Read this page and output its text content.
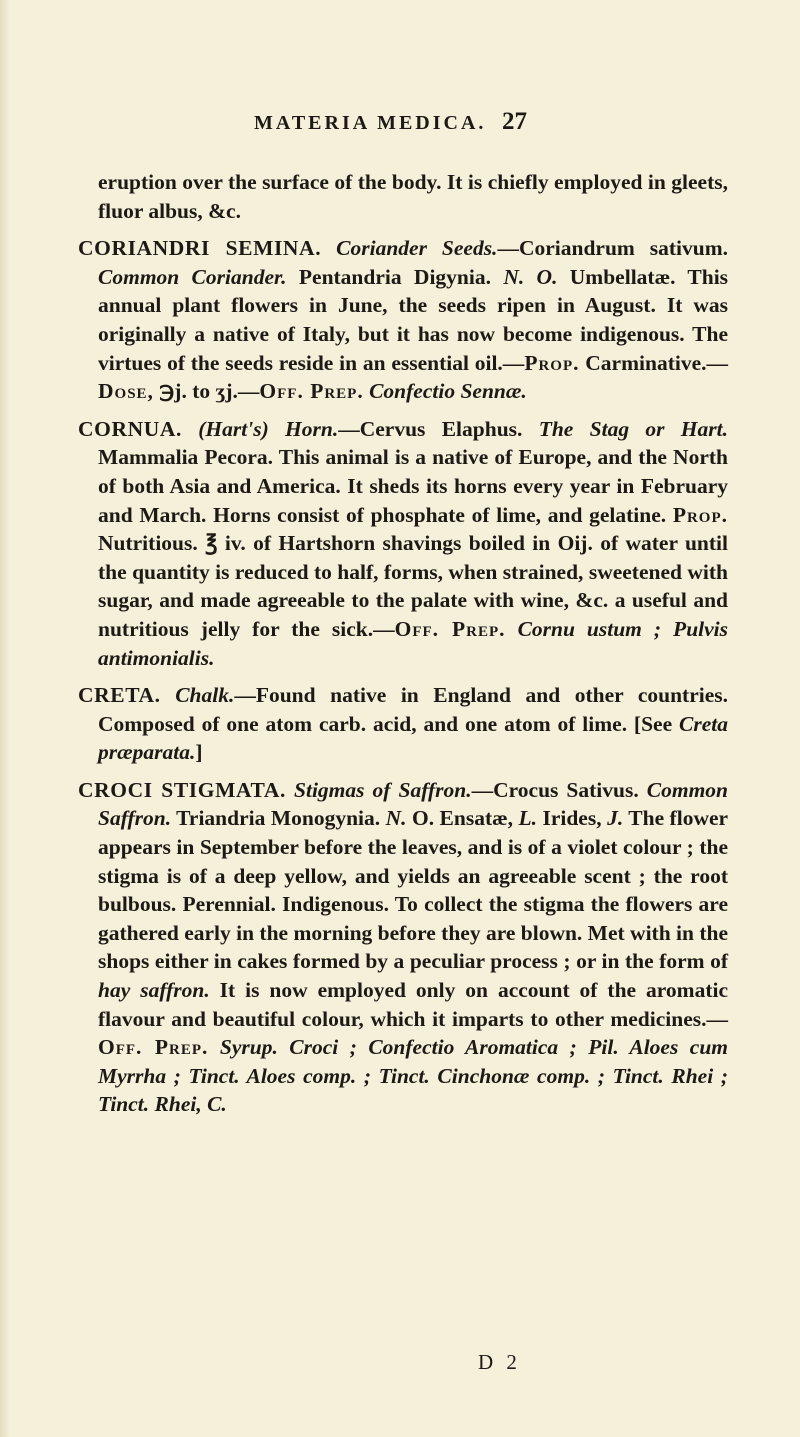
MATERIA MEDICA. 27

eruption over the surface of the body. It is chiefly employed in gleets, fluor albus, &c.

CORIANDRI SEMINA. Coriander Seeds.—Coriandrum sativum. Common Coriander. Pentandria Digynia. N. O. Umbellatæ. This annual plant flowers in June, the seeds ripen in August. It was originally a native of Italy, but it has now become indigenous. The virtues of the seeds reside in an essential oil.—Prop. Carminative.—Dose, ℈j. to ʒj.—Off. Prep. Confectio Sennæ.

CORNUA. (Hart's) Horn.—Cervus Elaphus. The Stag or Hart. Mammalia Pecora. This animal is a native of Europe, and the North of both Asia and America. It sheds its horns every year in February and March. Horns consist of phosphate of lime, and gelatine. Prop. Nutritious. ℥ iv. of Hartshorn shavings boiled in Oij. of water until the quantity is reduced to half, forms, when strained, sweetened with sugar, and made agreeable to the palate with wine, &c. a useful and nutritious jelly for the sick.—Off. Prep. Cornu ustum ; Pulvis antimonialis.

CRETA. Chalk.—Found native in England and other countries. Composed of one atom carb. acid, and one atom of lime. [See Creta præparata.]

CROCI STIGMATA. Stigmas of Saffron.—Crocus Sativus. Common Saffron. Triandria Monogynia. N. O. Ensatæ, L. Irides, J. The flower appears in September before the leaves, and is of a violet colour ; the stigma is of a deep yellow, and yields an agreeable scent ; the root bulbous. Perennial. Indigenous. To collect the stigma the flowers are gathered early in the morning before they are blown. Met with in the shops either in cakes formed by a peculiar process ; or in the form of hay saffron. It is now employed only on account of the aromatic flavour and beautiful colour, which it imparts to other medicines.—Off. Prep. Syrup. Croci ; Confectio Aromatica ; Pil. Aloes cum Myrrha ; Tinct. Aloes comp. ; Tinct. Cinchonæ comp. ; Tinct. Rhei ; Tinct. Rhei, C.

D 2
